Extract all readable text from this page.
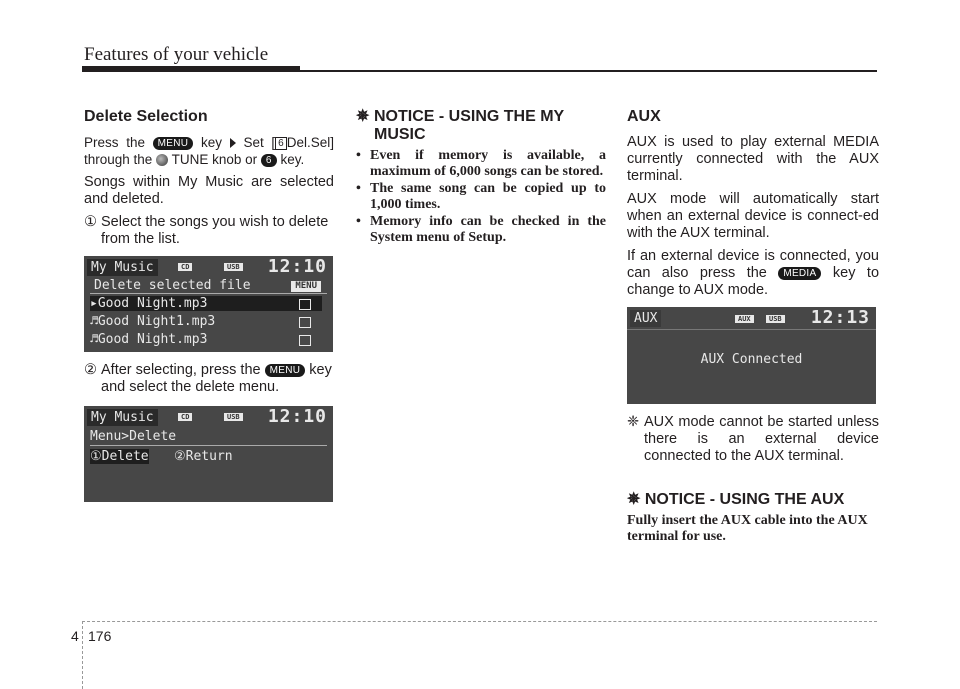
Features of your vehicle
Delete Selection

Press the MENU key Set [ 6 Del.Sel] through the TUNE knob or 6 key.

Songs within My Music are selected and deleted.

① Select the songs you wish to delete from the list.
My Music	CD	USB 12:10
Delete selected file	MENU
▸Good Night.mp3
♬Good Night1.mp3
♬Good Night.mp3
② After selecting, press the MENU key and select the delete menu.
My Music	CD	USB 12:10
Menu>Delete
①Delete ②Return
✵ NOTICE - USING THE MY MUSIC
• Even if memory is available, a maximum of 6,000 songs can be stored.
• The same song can be copied up to 1,000 times.
• Memory info can be checked in the System menu of Setup.
AUX

AUX is used to play external MEDIA currently connected with the AUX terminal.

AUX mode will automatically start when an external device is connect-ed with the AUX terminal.

If an external device is connected, you can also press the MEDIA key to change to AUX mode.

AUX	AUX	USB 12:13
AUX Connected
❈ AUX mode cannot be started unless there is an external device connected to the AUX terminal.
✵ NOTICE - USING THE AUX
Fully insert the AUX cable into the AUX terminal for use.
4 176
